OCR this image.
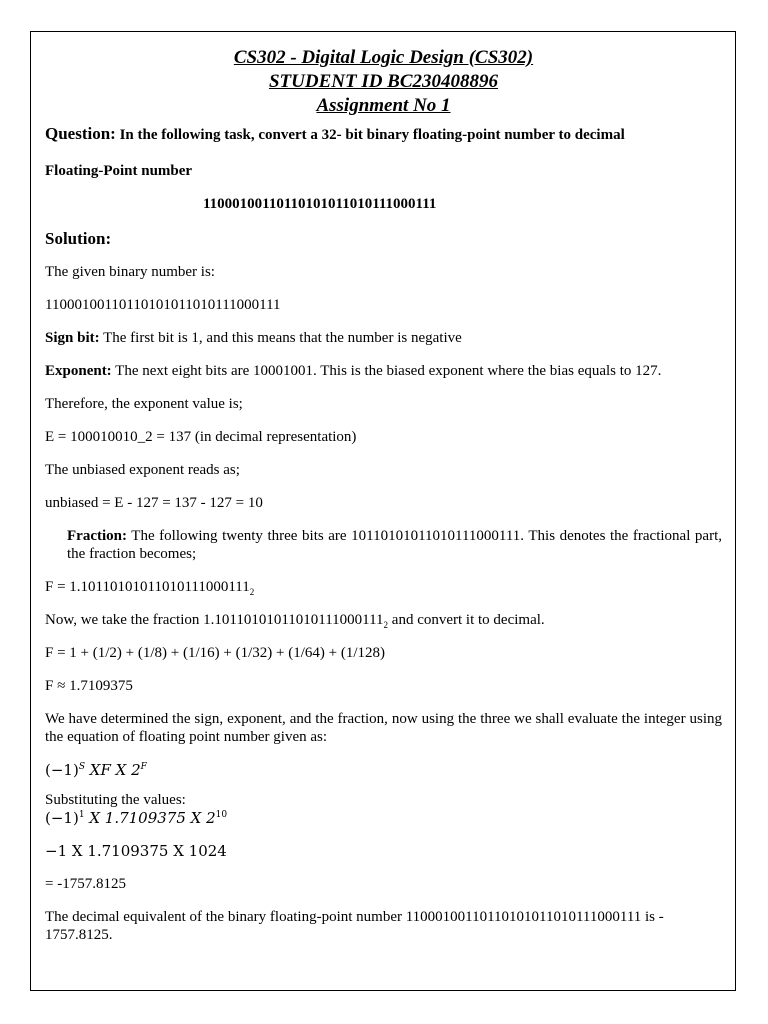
CS302 - Digital Logic Design (CS302)

STUDENT ID BC230408896

Assignment No 1

Question: In the following task, convert a 32- bit binary floating-point number to decimal

Floating-Point number

11000100110110101011010111000111

Solution:

The given binary number is:

11000100110110101011010111000111

Sign bit: The first bit is 1, and this means that the number is negative

Exponent: The next eight bits are 10001001. This is the biased exponent where the bias equals to 127.

Therefore, the exponent value is;

E = 100010010_2 = 137 (in decimal representation)

The unbiased exponent reads as;

unbiased = E - 127 = 137 - 127 = 10

Fraction: The following twenty three bits are 10110101011010111000111. This denotes the fractional part, the fraction becomes;

$F = 1.10110101011010111000111_2$

Now, we take the fraction $1.10110101011010111000111_2$ and convert it to decimal.

F = 1 + (1/2) + (1/8) + (1/16) + (1/32) + (1/64) + (1/128)

F ≈ 1.7109375

We have determined the sign, exponent, and the fraction, now using the three we shall evaluate the integer using the equation of floating point number given as:

$(-1)^S$ XF X $2^F$

Substituting the values:

$(-1)^1$ X 1.7109375 X $2^{10}$

−1 X 1.7109375 X 1024

= -1757.8125

The decimal equivalent of the binary floating-point number 11000100110110101011010111000111 is - 1757.8125.
